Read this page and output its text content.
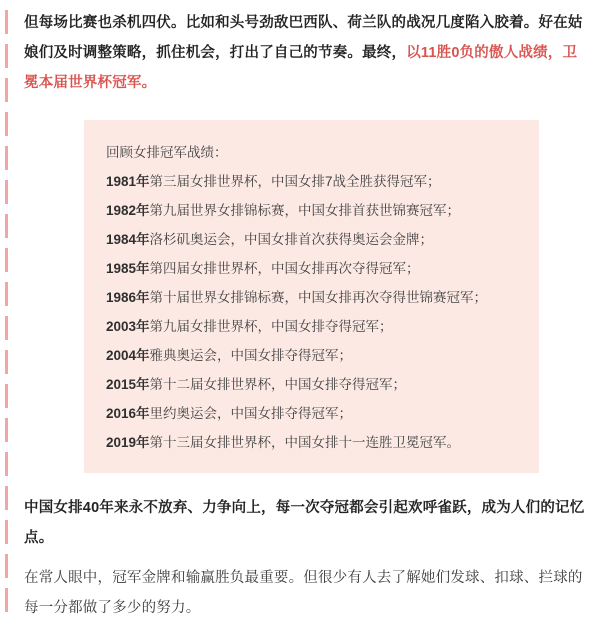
但每场比赛也杀机四伏。比如和头号劲敌巴西队、荷兰队的战况几度陷入胶着。好在姑娘们及时调整策略，抓住机会，打出了自己的节奏。最终，以11胜0负的傲人战绩，卫冕本届世界杯冠军。

回顾女排冠军战绩：
1981年第三届女排世界杯，中国女排7战全胜获得冠军；
1982年第九届世界女排锦标赛，中国女排首获世锦赛冠军；
1984年洛杉矶奥运会，中国女排首次获得奥运会金牌；
1985年第四届女排世界杯，中国女排再次夺得冠军；
1986年第十届世界女排锦标赛，中国女排再次夺得世锦赛冠军；
2003年第九届女排世界杯，中国女排夺得冠军；
2004年雅典奥运会，中国女排夺得冠军；
2015年第十二届女排世界杯，中国女排夺得冠军；
2016年里约奥运会，中国女排夺得冠军；
2019年第十三届女排世界杯，中国女排十一连胜卫冕冠军。

中国女排40年来永不放弃、力争向上，每一次夺冠都会引起欢呼雀跃，成为人们的记忆点。

在常人眼中，冠军金牌和输赢胜负最重要。但很少有人去了解她们发球、扣球、拦球的每一分都做了多少的努力。
